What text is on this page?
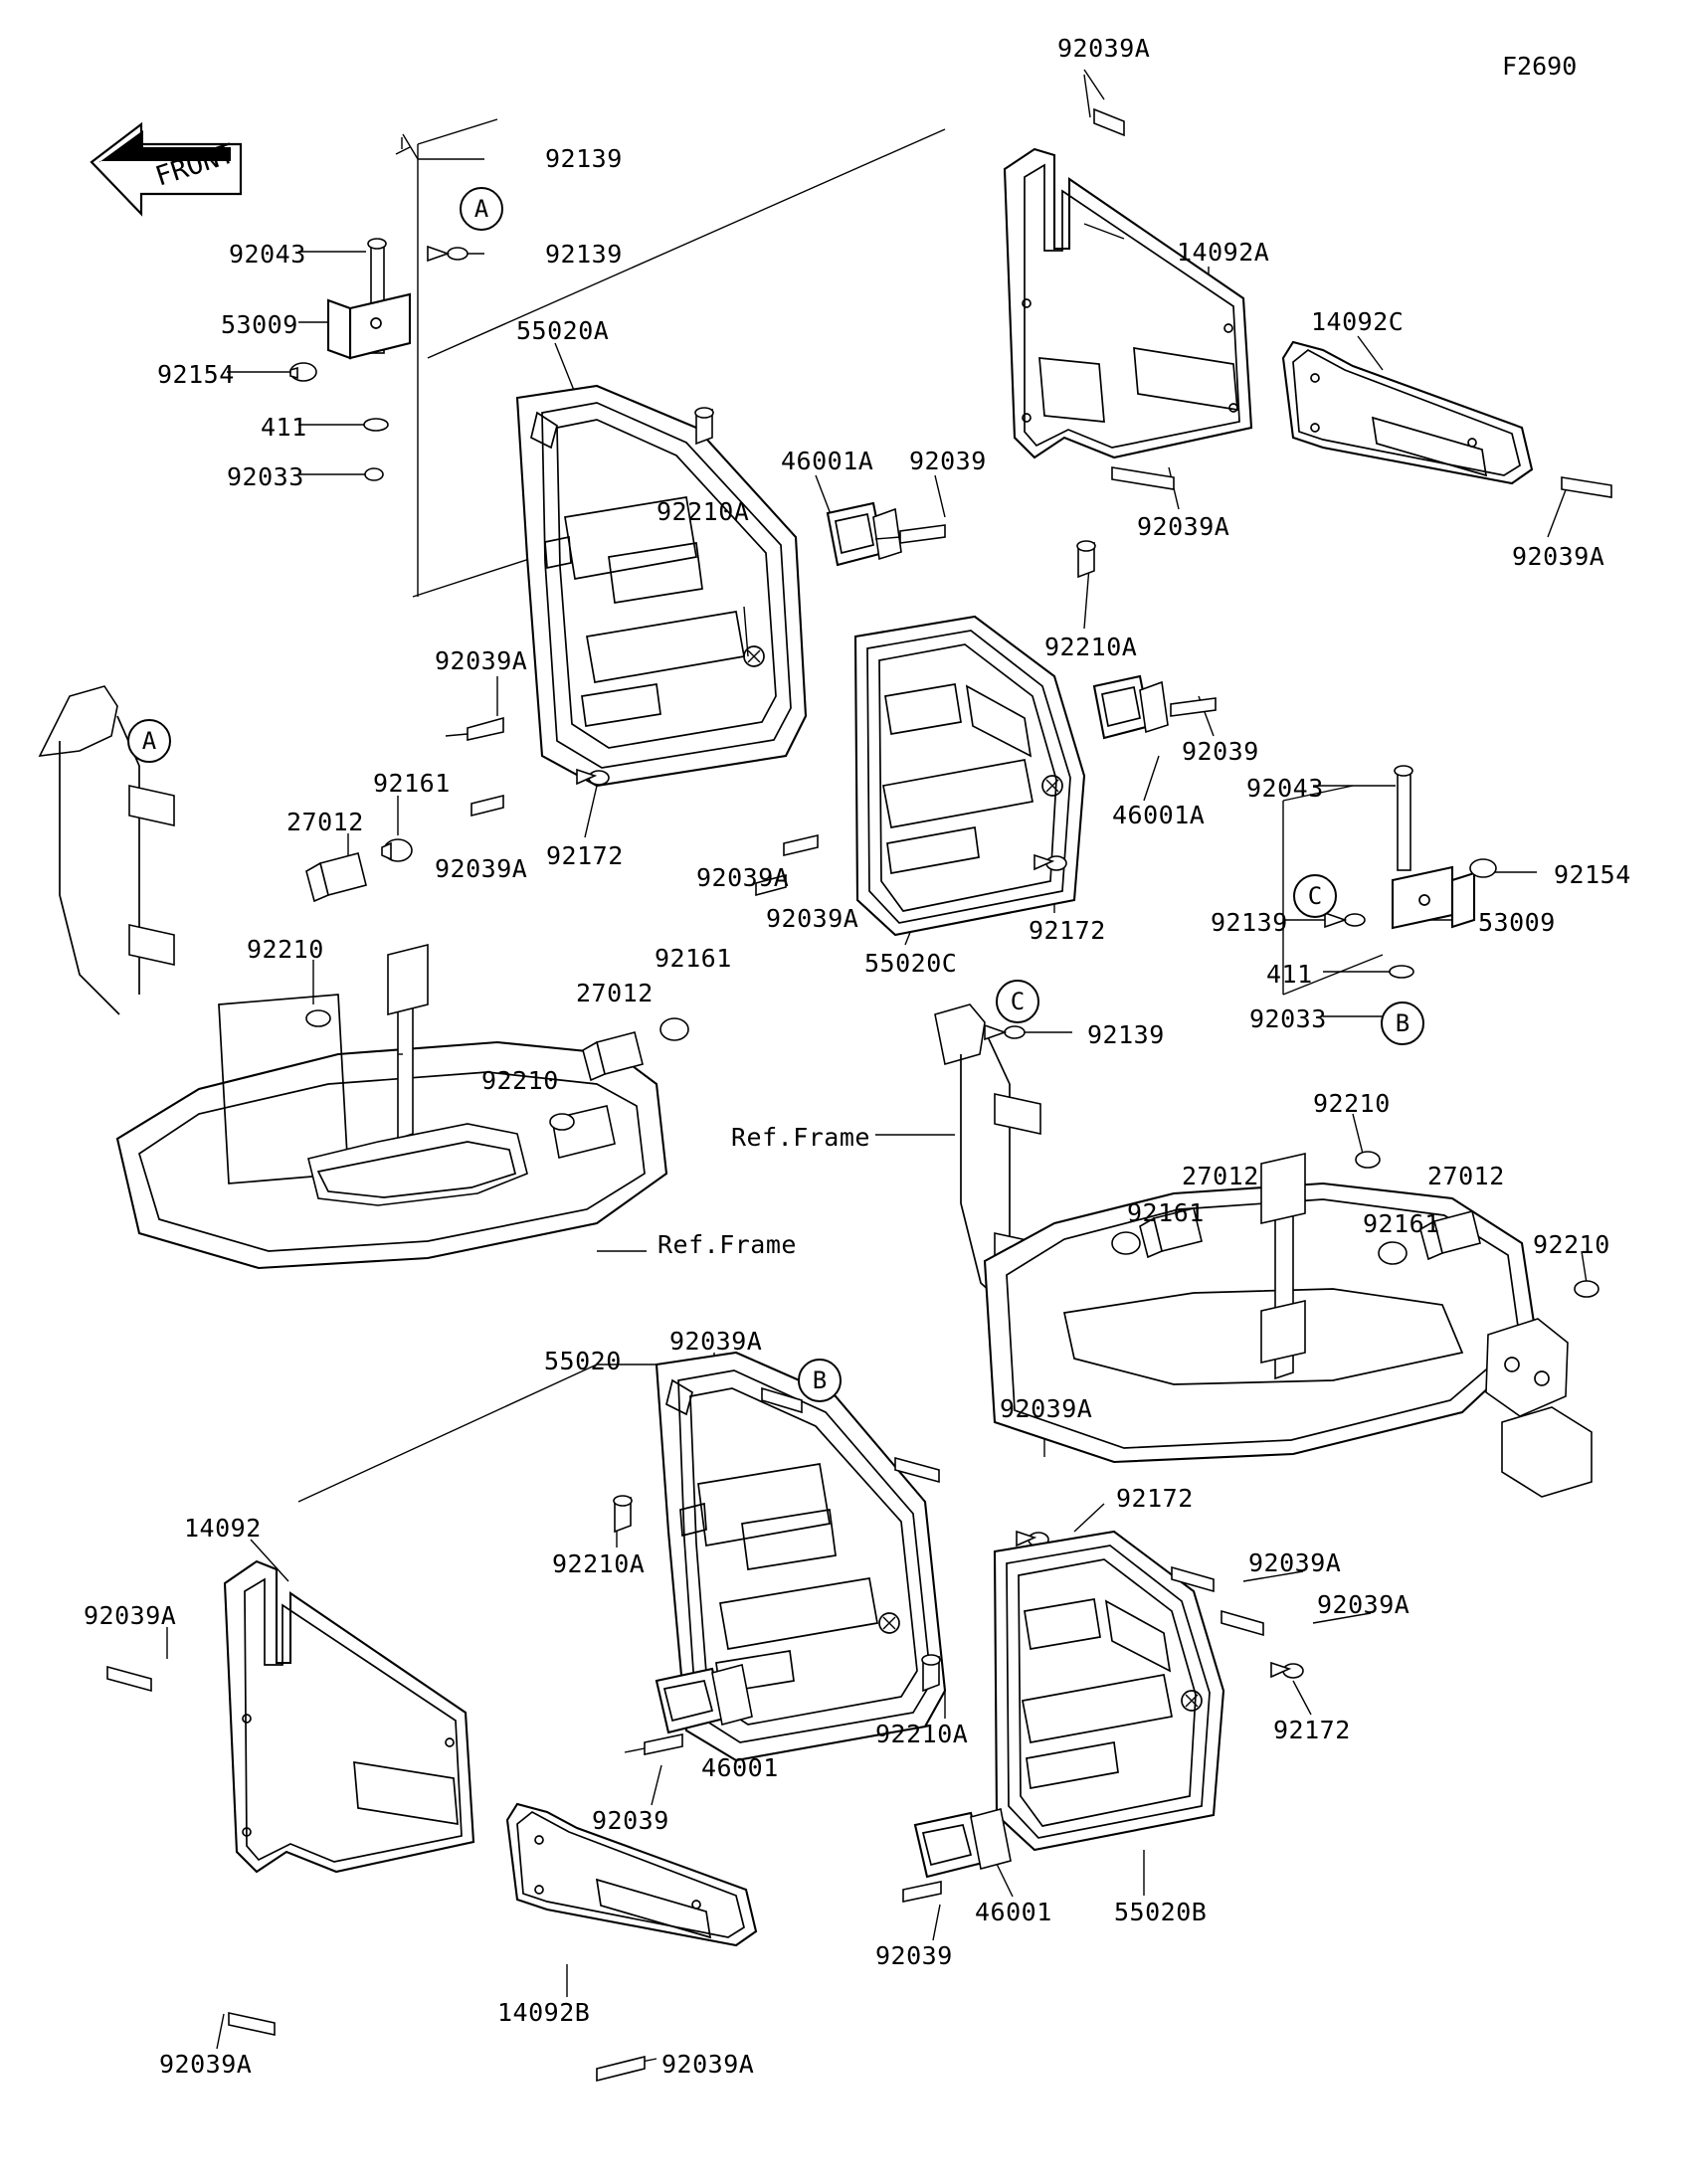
F2690
FRONT
92039A
92139
92043	92139	14092A
14092C
53009	55020A
92154
411
46001A 92039
92033
92210A
92039A
92039A
92210A
92039A
92039
92043
92161
27012
92172
92039A
46001A
92039A	92154
92139	53009
92039A
92210	92161
411
27012
55020C
92172
92033
92139
92210
Ref.Frame
92210
27012	27012
92161	92161
92210
Ref.Frame
55020
92039A
92039A
92172
14092
92210A	92039A
92039A
92039A
92210A	92172
46001
92039
46001 55020B
92039
14092B
92039A	92039A
A
A
C
B
C
B
